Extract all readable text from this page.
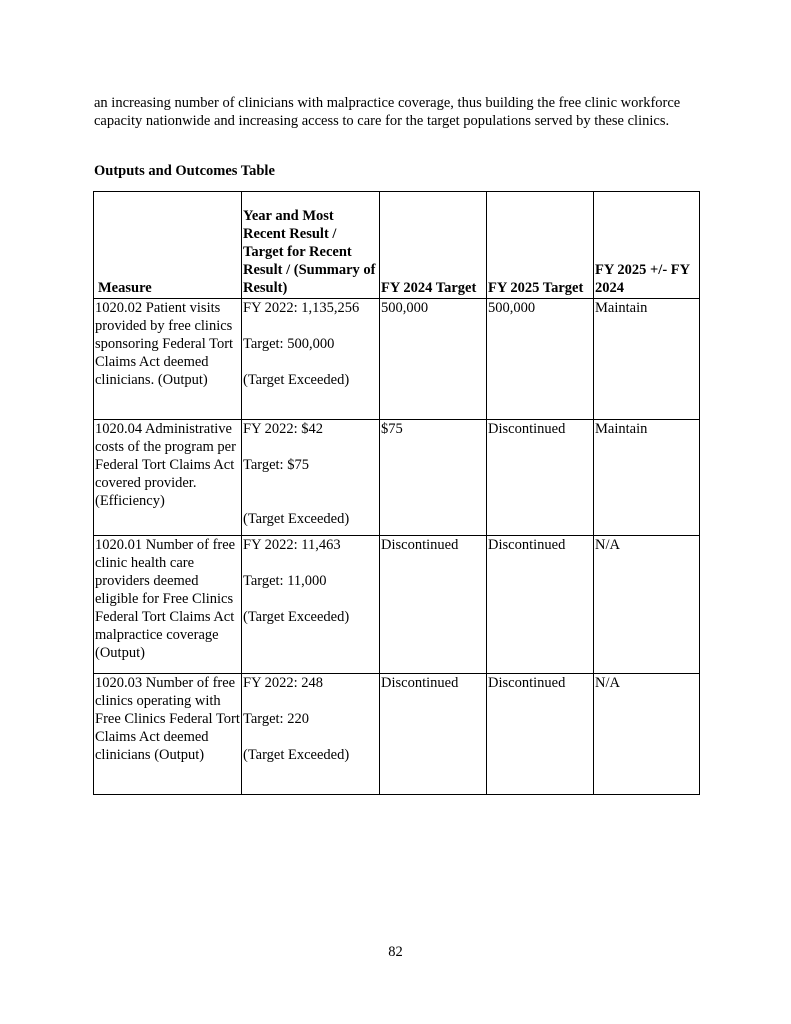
an increasing number of clinicians with malpractice coverage, thus building the free clinic workforce capacity nationwide and increasing access to care for the target populations served by these clinics.

Outputs and Outcomes Table
Measure	Year and Most Recent Result / Target for Recent Result / (Summary of Result)	FY 2024 Target	FY 2025 Target	FY 2025 +/- FY 2024
1020.02 Patient visits provided by free clinics sponsoring Federal Tort Claims Act deemed clinicians. (Output)	FY 2022: 1,135,256
Target: 500,000
(Target Exceeded)	500,000	500,000	Maintain
1020.04 Administrative costs of the program per Federal Tort Claims Act covered provider. (Efficiency)	FY 2022: $42
Target: $75
(Target Exceeded)	$75	Discontinued	Maintain
1020.01 Number of free clinic health care providers deemed eligible for Free Clinics Federal Tort Claims Act malpractice coverage (Output)	FY 2022: 11,463
Target: 11,000
(Target Exceeded)	Discontinued	Discontinued	N/A
1020.03 Number of free clinics operating with Free Clinics Federal Tort Claims Act deemed clinicians (Output)	FY 2022: 248
Target: 220
(Target Exceeded)	Discontinued	Discontinued	N/A
82
